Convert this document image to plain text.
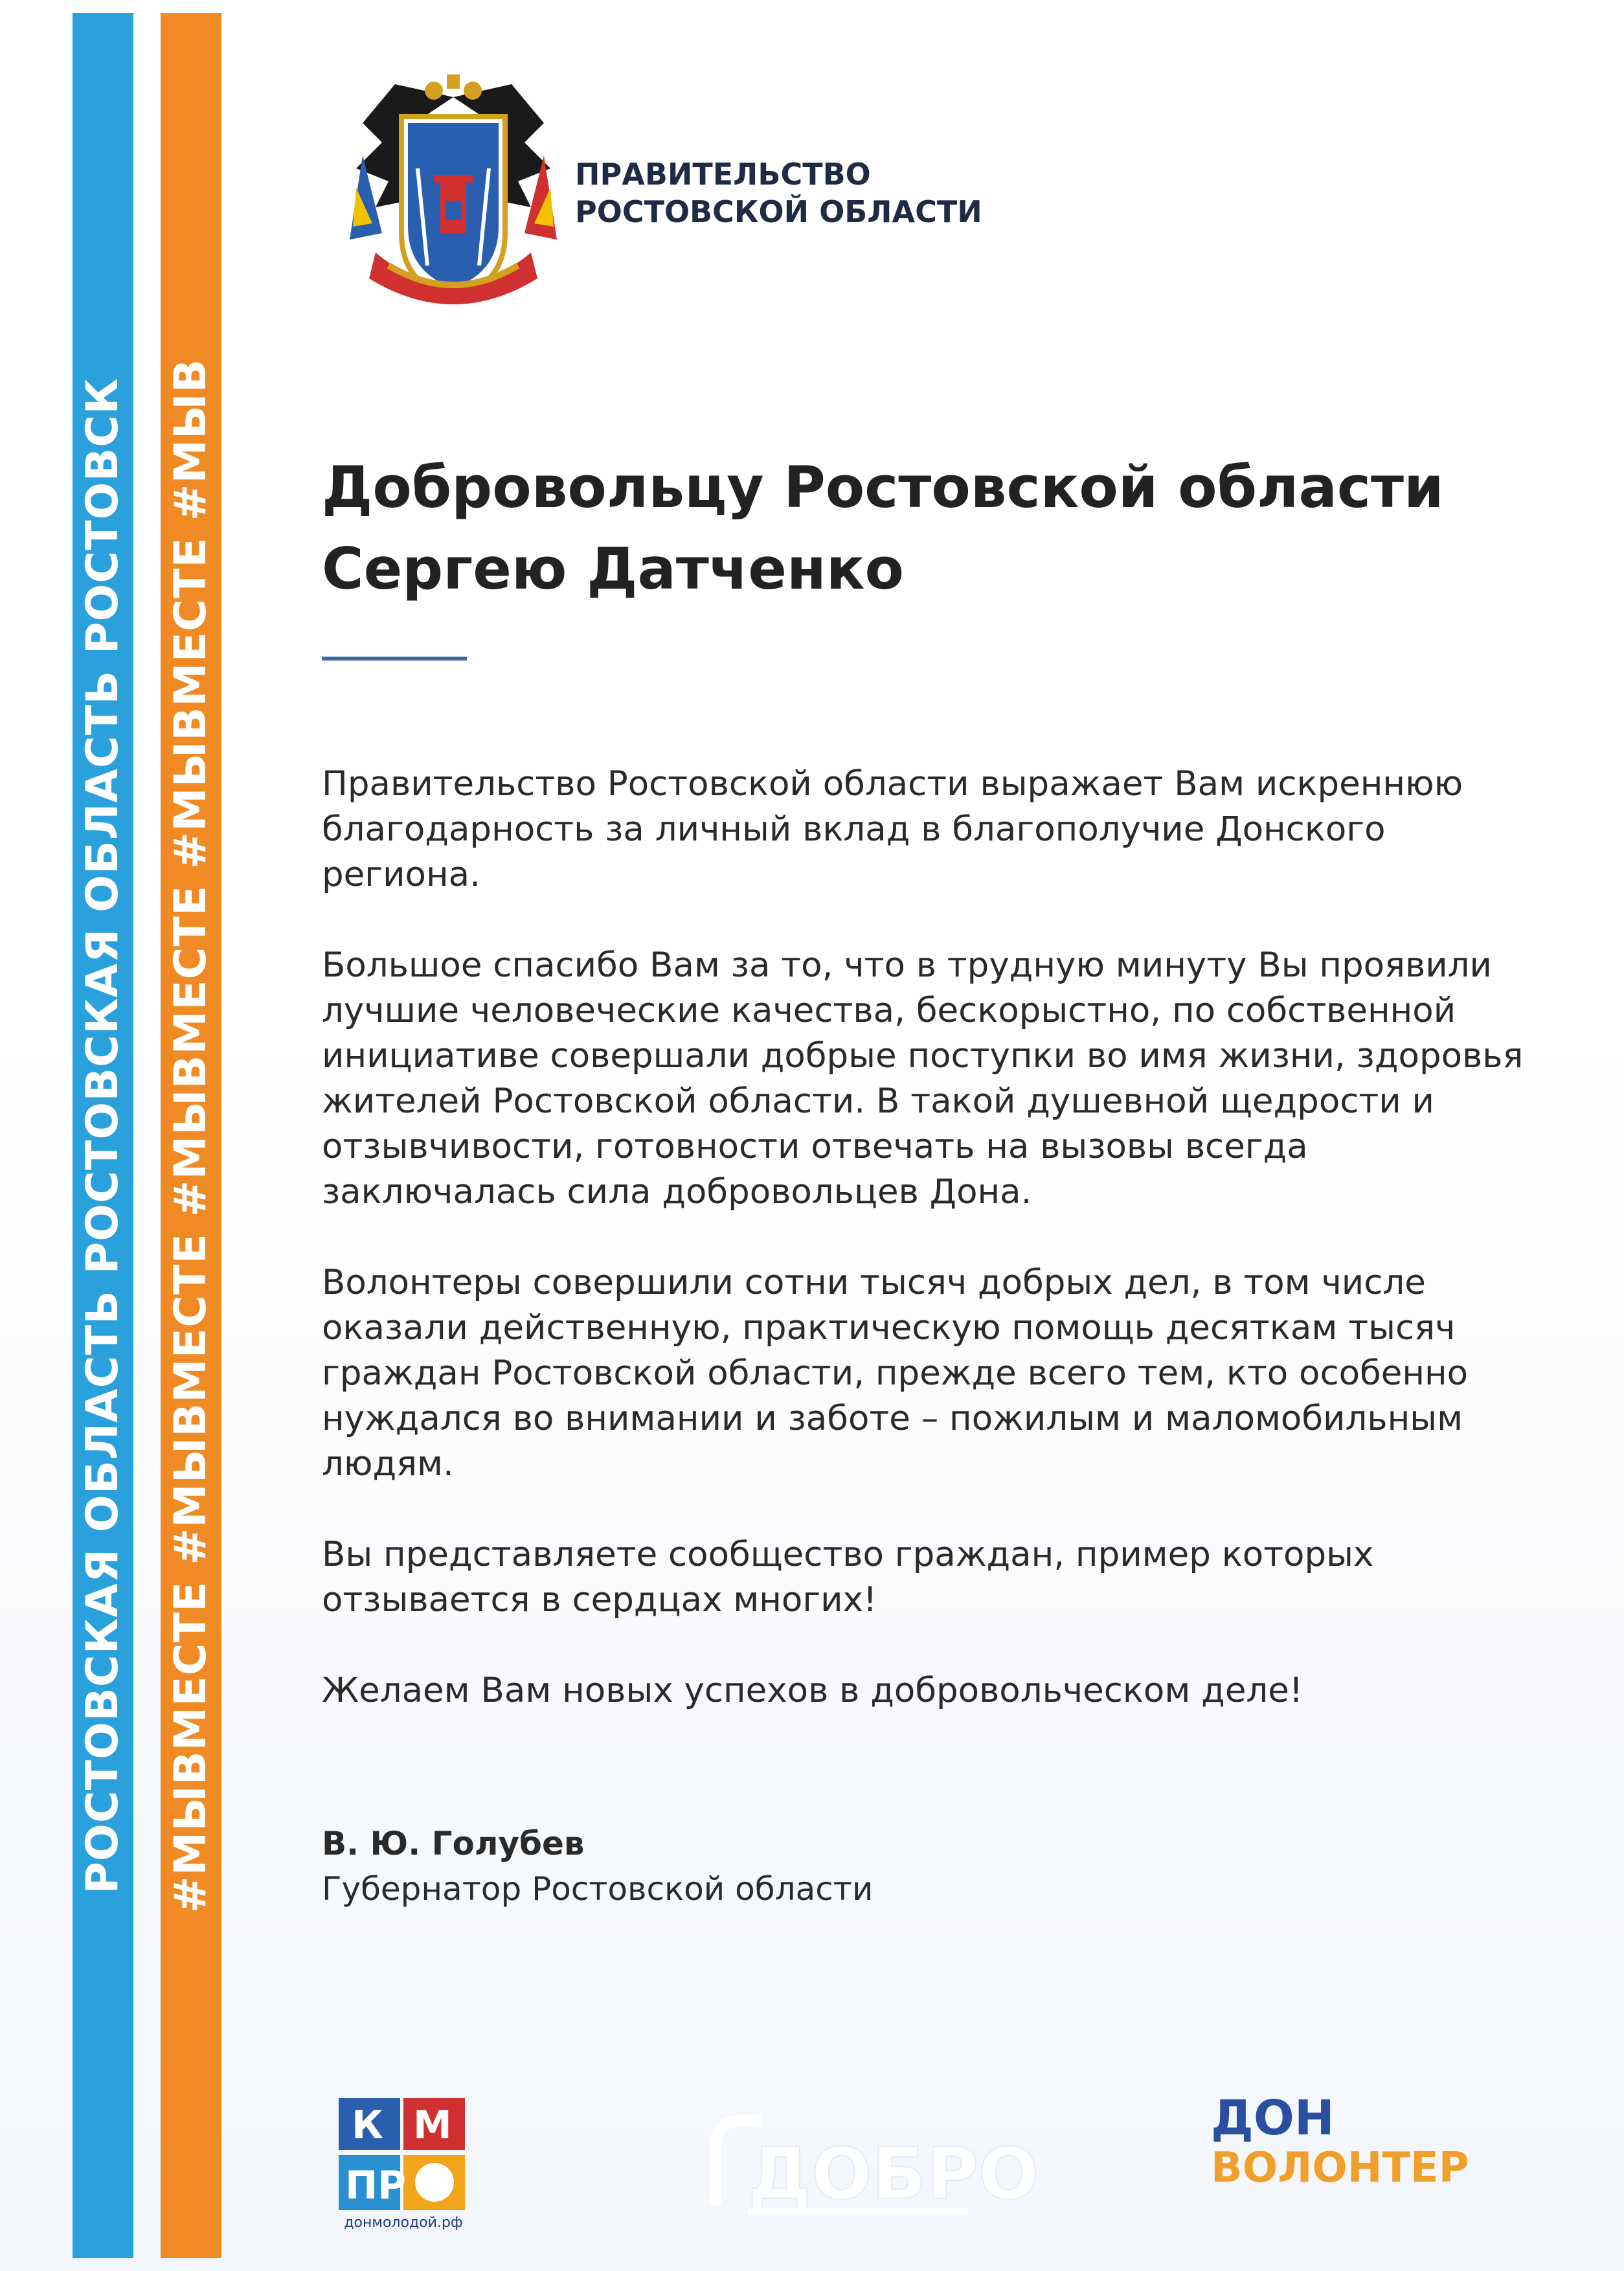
РОСТОВСКАЯ ОБЛАСТЬ РОСТОВСКАЯ ОБЛАСТЬ РОСТОВСК #МЫВМЕСТЕ #МЫВМЕСТЕ #МЫВМЕСТЕ #МЫВМЕСТЕ #МЫВ
ПРАВИТЕЛЬСТВО
РОСТОВСКОЙ ОБЛАСТИ
Добровольцу Ростовской области
Сергею Датченко

Правительство Ростовской области выражает Вам искреннюю благодарность за личный вклад в благополучие Донского региона.

Большое спасибо Вам за то, что в трудную минуту Вы проявили лучшие человеческие качества, бескорыстно, по собственной инициативе совершали добрые поступки во имя жизни, здоровья жителей Ростовской области. В такой душевной щедрости и отзывчивости, готовности отвечать на вызовы всегда заключалась сила добровольцев Дона.

Волонтеры совершили сотни тысяч добрых дел, в том числе оказали действенную, практическую помощь десяткам тысяч граждан Ростовской области, прежде всего тем, кто особенно нуждался во внимании и заботе – пожилым и маломобильным людям.

Вы представляете сообщество граждан, пример которых отзывается в сердцах многих!

Желаем Вам новых успехов в добровольческом деле!

В. Ю. Голубев
Губернатор Ростовской области
К М
ПР
донмолодой.рф
ДОБРО
ДОН
ВОЛОНТЕР
